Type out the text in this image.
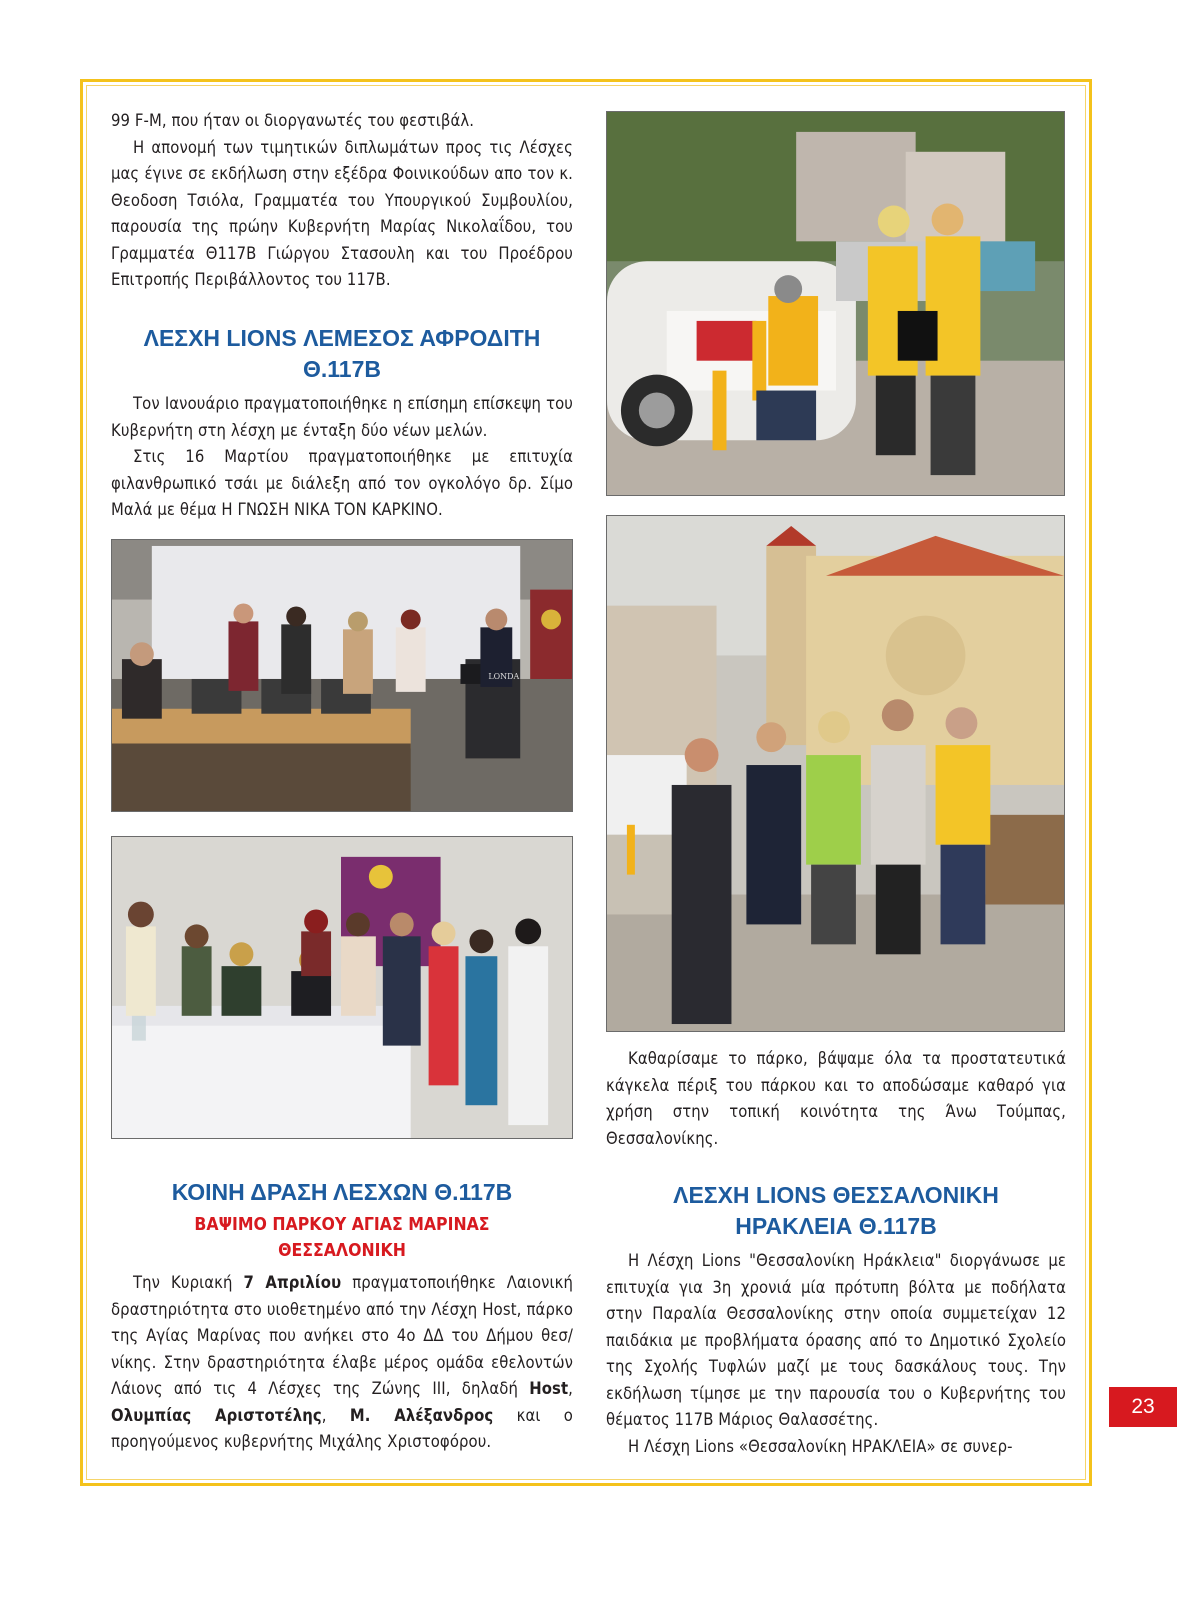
99 F-M, που ήταν οι διοργανωτές του φεστιβάλ.

Η απονομή των τιμητικών διπλωμάτων προς τις Λέσχες μας έγινε σε εκδήλωση στην εξέδρα Φοινικούδων απο τον κ. Θεοδοση Τσιόλα, Γραμματέα του Υπουργικού Συμβουλίου, παρουσία της πρώην Κυβερνήτη Μαρίας Νικολαΐδου, του Γραμματέα Θ117Β Γιώργου Στασουλη και του Προέδρου Επιτροπής Περιβάλλοντος του 117Β.

ΛΕΣΧΗ LIONS ΛΕΜΕΣΟΣ ΑΦΡΟΔΙΤΗ
Θ.117Β

Τον Ιανουάριο πραγματοποιήθηκε η επίσημη επίσκεψη του Κυβερνήτη στη λέσχη με ένταξη δύο νέων μελών.

Στις 16 Μαρτίου πραγματοποιήθηκε με επιτυχία φιλανθρωπικό τσάι με διάλεξη από τον ογκολόγο δρ. Σίμο Μαλά με θέμα Η ΓΝΩΣΗ ΝΙΚΑ ΤΟΝ ΚΑΡΚΙΝΟ.

LONDA
ΚΟΙΝΗ ΔΡΑΣΗ ΛΕΣΧΩΝ Θ.117Β
ΒΑΨΙΜΟ ΠΑΡΚΟΥ ΑΓΙΑΣ ΜΑΡΙΝΑΣ
ΘΕΣΣΑΛΟΝΙΚΗ

Την Κυριακή 7 Απριλίου πραγματοποιήθηκε Λαιονική δραστηριότητα στο υιοθετημένο από την Λέσχη Host, πάρκο της Αγίας Μαρίνας που ανήκει στο 4ο ΔΔ του Δήμου θεσ/νίκης. Στην δραστηριότητα έλαβε μέρος ομάδα εθελοντών Λάιονς από τις 4 Λέσχες της Ζώνης ΙΙΙ, δηλαδή Host, Ολυμπίας Αριστοτέλης, Μ. Αλέξανδρος και ο προηγούμενος κυβερνήτης Μιχάλης Χριστοφόρου.

Καθαρίσαμε το πάρκο, βάψαμε όλα τα προστατευτικά κάγκελα πέριξ του πάρκου και το αποδώσαμε καθαρό για χρήση στην τοπική κοινότητα της Άνω Τούμπας, Θεσσαλονίκης.

ΛΕΣΧΗ LIONS ΘΕΣΣΑΛΟΝΙΚΗ
ΗΡΑΚΛΕΙΑ Θ.117Β

Η Λέσχη Lions "Θεσσαλονίκη Ηράκλεια" διοργάνωσε με επιτυχία για 3η χρονιά μία πρότυπη βόλτα με ποδήλατα στην Παραλία Θεσσαλονίκης στην οποία συμμετείχαν 12 παιδάκια με προβλήματα όρασης από το Δημοτικό Σχολείο της Σχολής Τυφλών μαζί με τους δασκάλους τους. Την εκδήλωση τίμησε με την παρουσία του ο Κυβερνήτης του θέματος 117Β Μάριος Θαλασσέτης.

Η Λέσχη Lions «Θεσσαλονίκη ΗΡΑΚΛΕΙΑ» σε συνερ-

23
